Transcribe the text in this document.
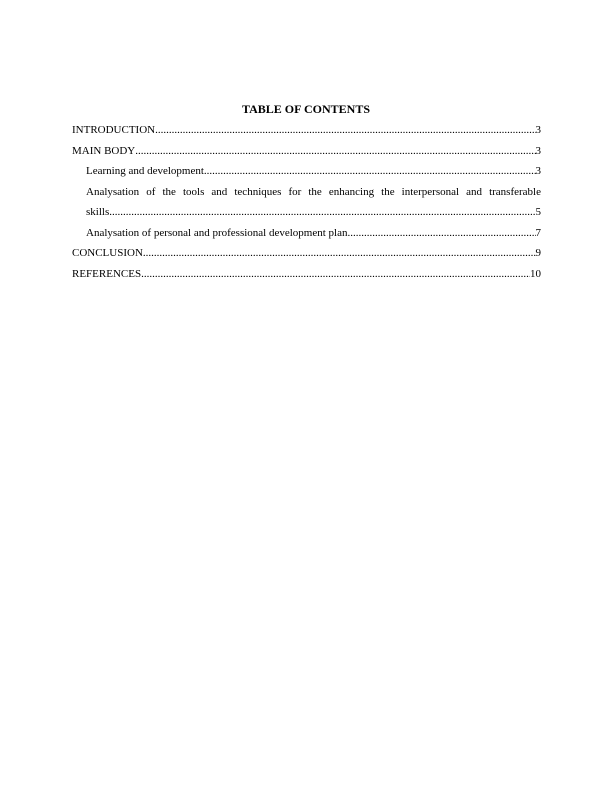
TABLE OF CONTENTS
INTRODUCTION .....	3
MAIN BODY .....	3
Learning and development .....	3
Analysation of the tools and techniques for the enhancing the interpersonal and transferable
skills .....	5
Analysation of personal and professional development plan .....	7
CONCLUSION .....	9
REFERENCES .....	10
